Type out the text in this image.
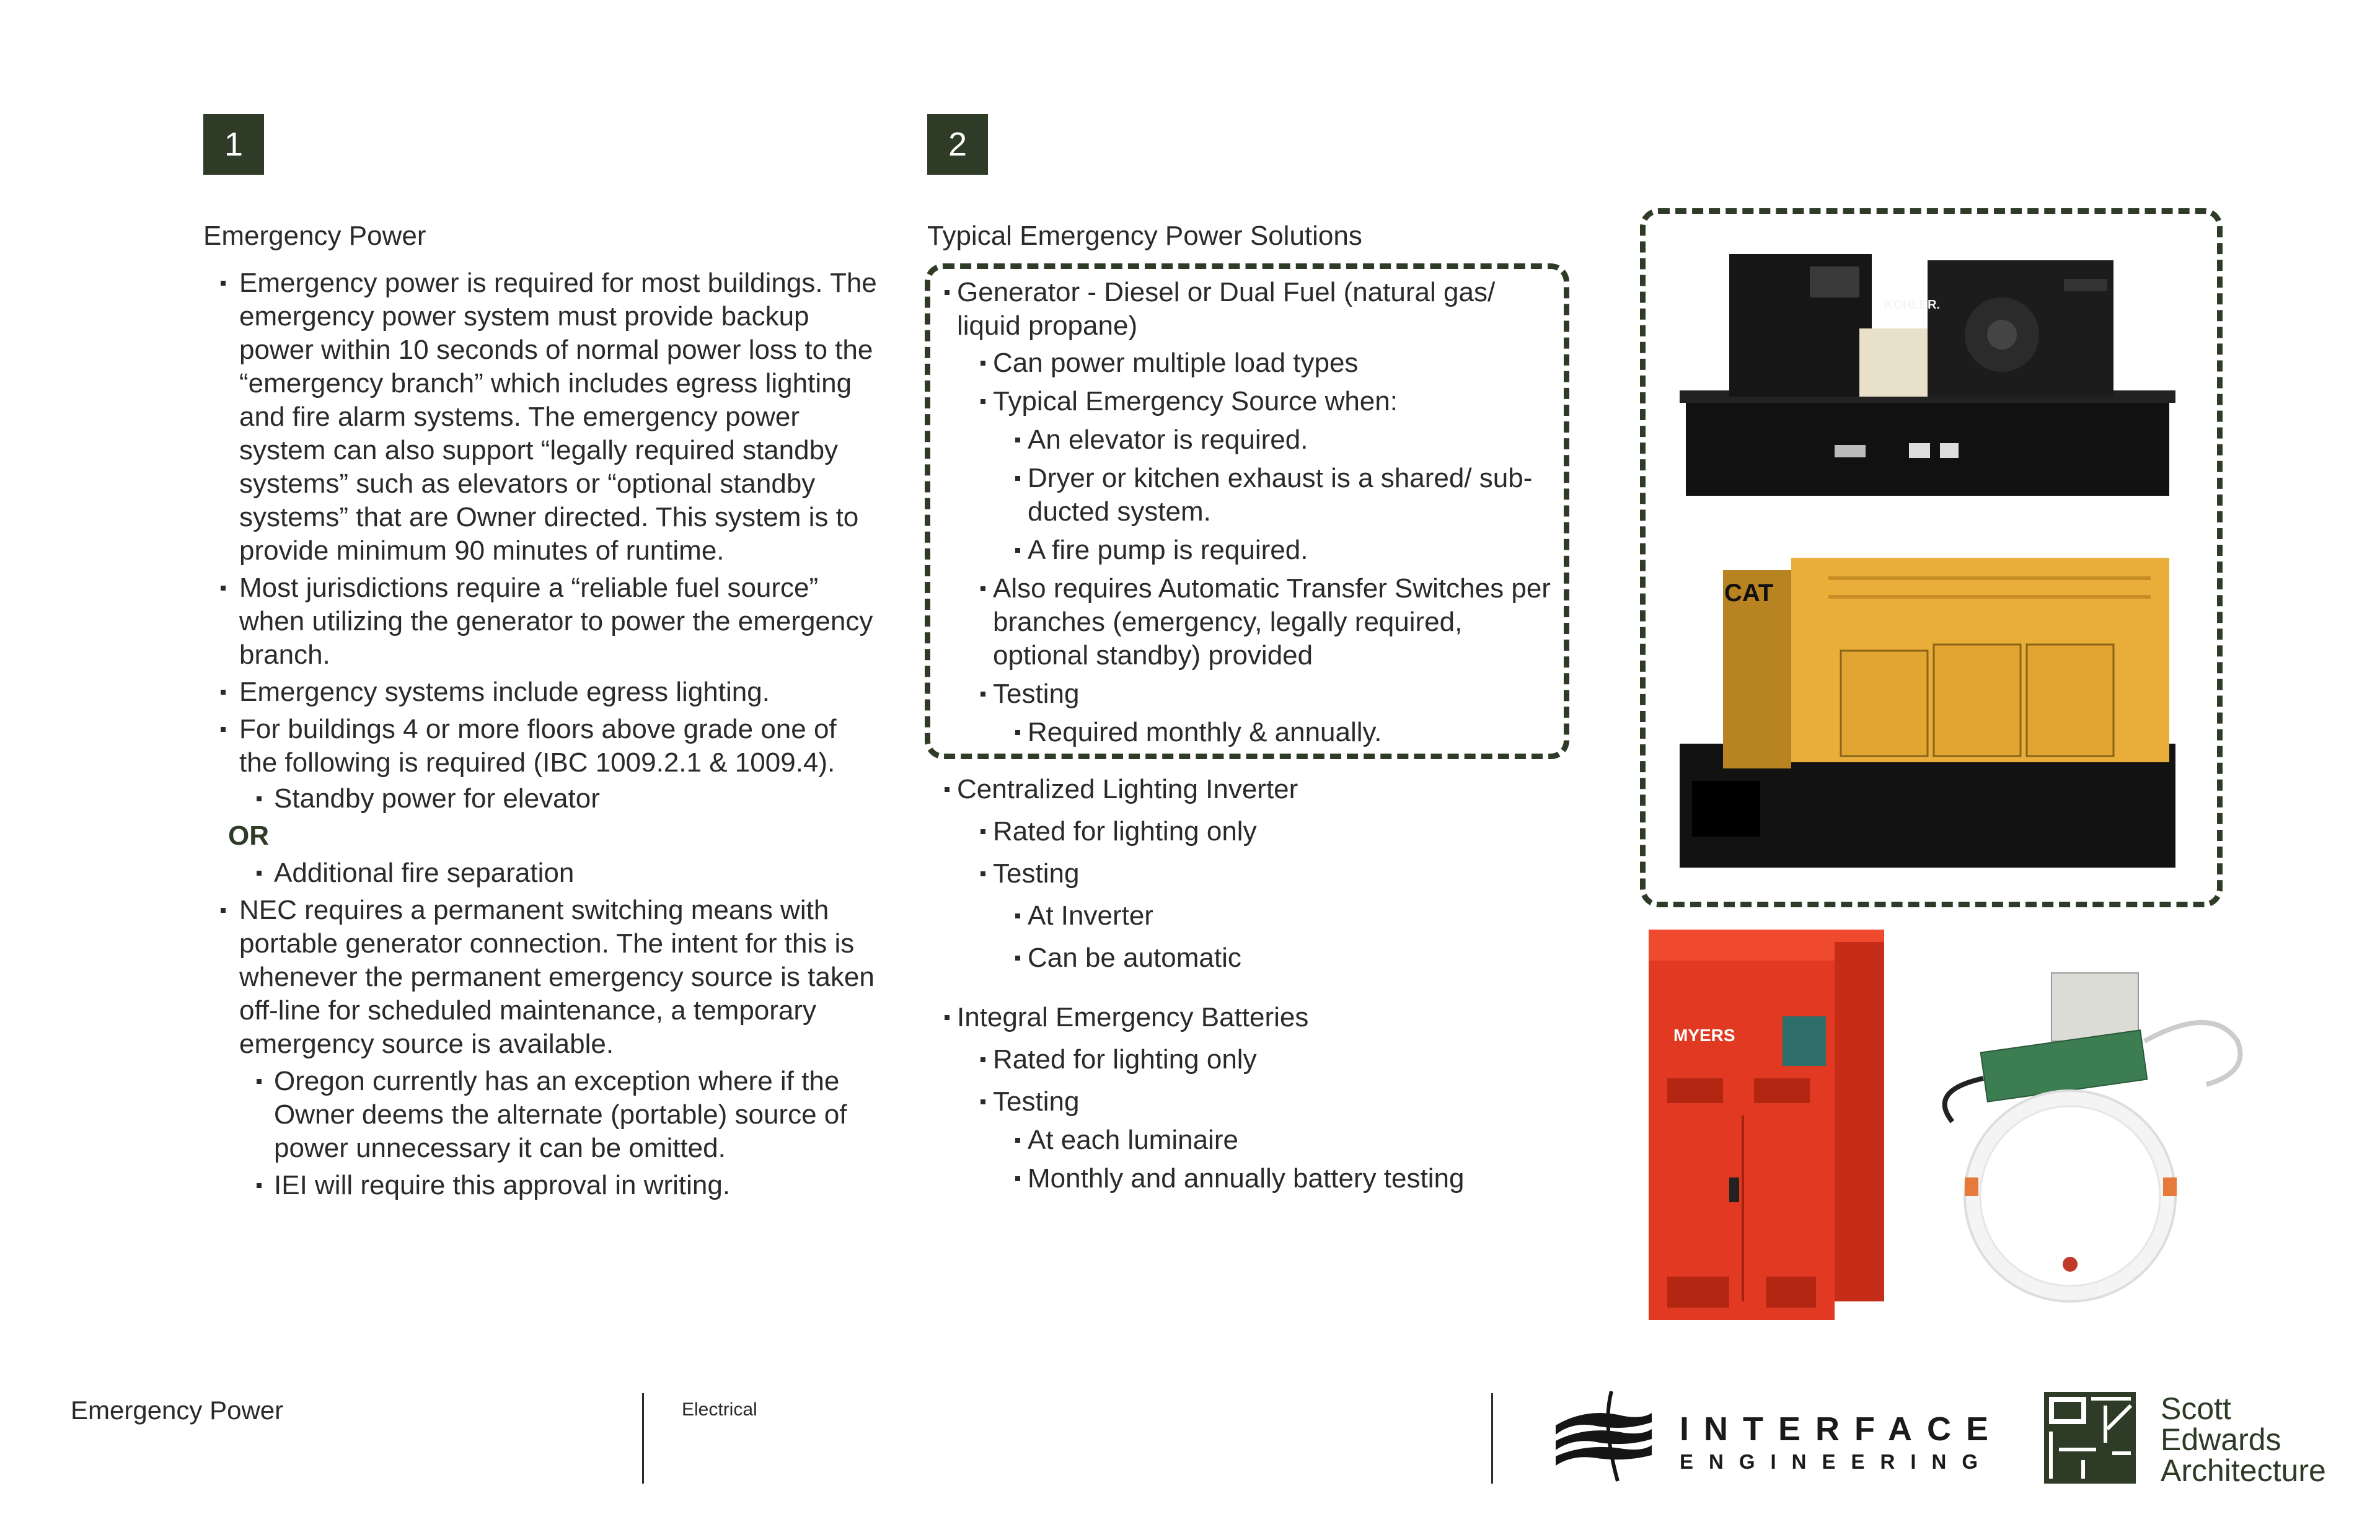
1
Emergency Power
Emergency power is required for most buildings. The emergency power system must provide backup power within 10 seconds of normal power loss to the “emergency branch” which includes egress lighting and fire alarm systems. The emergency power system can also support “legally required standby systems” such as elevators or “optional standby systems” that are Owner directed. This system is to provide minimum 90 minutes of runtime.
Most jurisdictions require a “reliable fuel source” when utilizing the generator to power the emergency branch.
Emergency systems include egress lighting.
For buildings 4 or more floors above grade one of the following is required (IBC 1009.2.1 & 1009.4).
Standby power for elevator
OR
Additional fire separation
NEC requires a permanent switching means with portable generator connection. The intent for this is whenever the permanent emergency source is taken off-line for scheduled maintenance, a temporary emergency source is available.
Oregon currently has an exception where if the Owner deems the alternate (portable) source of power unnecessary it can be omitted.
IEI will require this approval in writing.
2
Typical Emergency Power Solutions
Generator - Diesel or Dual Fuel (natural gas/ liquid propane)
Can power multiple load types
Typical Emergency Source when:
An elevator is required.
Dryer or kitchen exhaust is a shared/ sub-ducted system.
A fire pump is required.
Also requires Automatic Transfer Switches per branches (emergency, legally required, optional standby) provided
Testing
Required monthly & annually.
Centralized Lighting Inverter
Rated for lighting only
Testing
At Inverter
Can be automatic
Integral Emergency Batteries
Rated for lighting only
Testing
At each luminaire
Monthly and annually battery testing
KOHLER.
CAT
MYERS
Emergency Power	Electrical
INTERFACE
ENGINEERING
Scott
Edwards
Architecture
